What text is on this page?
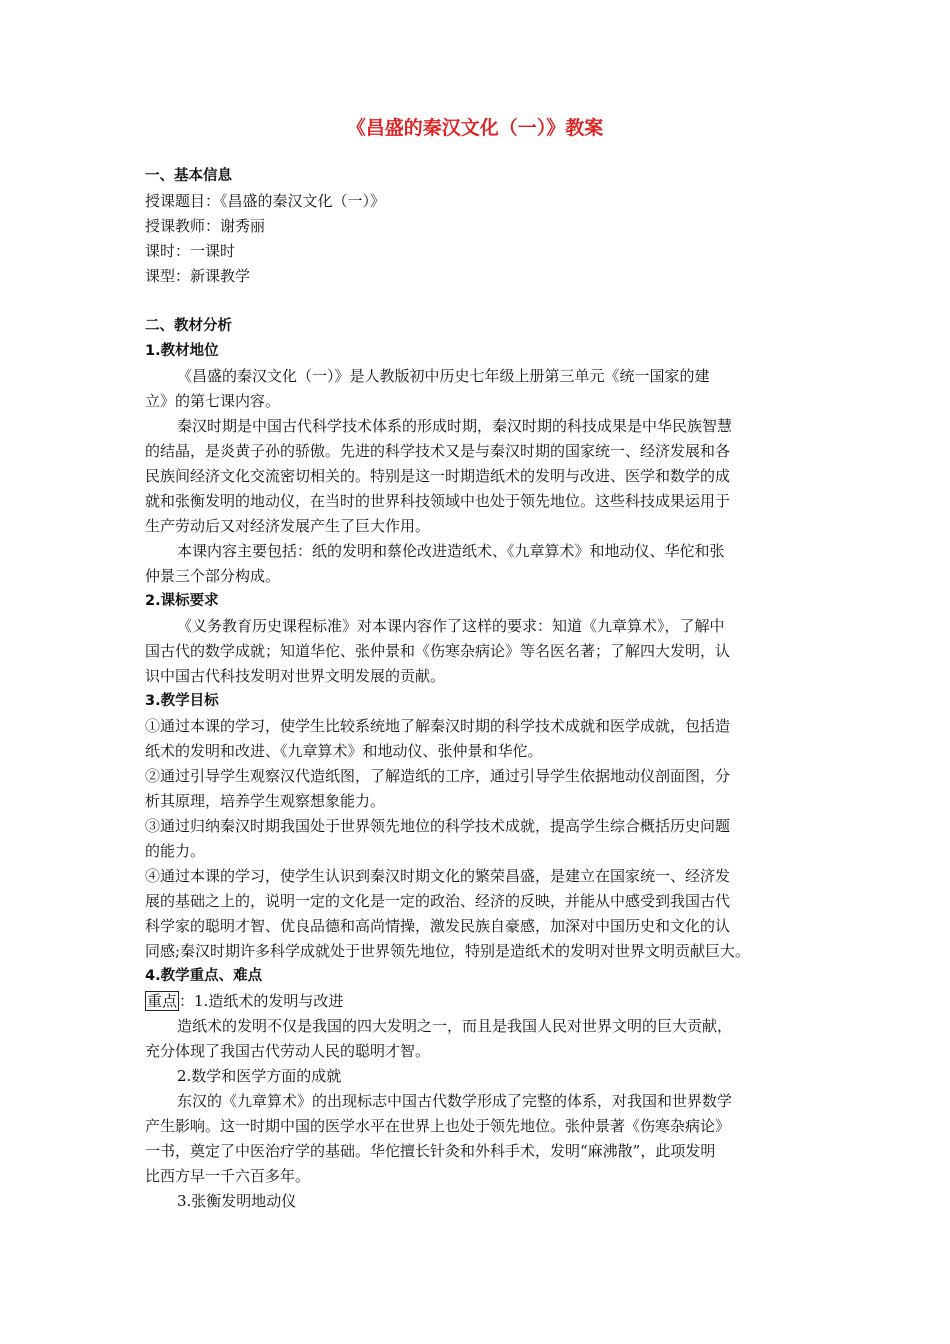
《昌盛的秦汉文化（一）》教案

一、基本信息

授课题目：《昌盛的秦汉文化（一）》

授课教师：谢秀丽

课时：一课时

课型：新课教学

二、教材分析

1.教材地位

《昌盛的秦汉文化（一）》是人教版初中历史七年级上册第三单元《统一国家的建

立》的第七课内容。

秦汉时期是中国古代科学技术体系的形成时期，秦汉时期的科技成果是中华民族智慧

的结晶，是炎黄子孙的骄傲。先进的科学技术又是与秦汉时期的国家统一、经济发展和各

民族间经济文化交流密切相关的。特别是这一时期造纸术的发明与改进、医学和数学的成

就和张衡发明的地动仪，在当时的世界科技领域中也处于领先地位。这些科技成果运用于

生产劳动后又对经济发展产生了巨大作用。

本课内容主要包括：纸的发明和蔡伦改进造纸术、《九章算术》和地动仪、华佗和张

仲景三个部分构成。

2.课标要求

《义务教育历史课程标准》对本课内容作了这样的要求：知道《九章算术》，了解中

国古代的数学成就；知道华佗、张仲景和《伤寒杂病论》等名医名著；了解四大发明，认

识中国古代科技发明对世界文明发展的贡献。

3.教学目标

①通过本课的学习，使学生比较系统地了解秦汉时期的科学技术成就和医学成就，包括造

纸术的发明和改进、《九章算术》和地动仪、张仲景和华佗。

②通过引导学生观察汉代造纸图，了解造纸的工序，通过引导学生依据地动仪剖面图，分

析其原理，培养学生观察想象能力。

③通过归纳秦汉时期我国处于世界领先地位的科学技术成就，提高学生综合概括历史问题

的能力。

④通过本课的学习，使学生认识到秦汉时期文化的繁荣昌盛，是建立在国家统一、经济发

展的基础之上的，说明一定的文化是一定的政治、经济的反映，并能从中感受到我国古代

科学家的聪明才智、优良品德和高尚情操，激发民族自豪感，加深对中国历史和文化的认

同感;秦汉时期许多科学成就处于世界领先地位，特别是造纸术的发明对世界文明贡献巨大。

4.教学重点、难点

重点 ：1.造纸术的发明与改进

造纸术的发明不仅是我国的四大发明之一，而且是我国人民对世界文明的巨大贡献，

充分体现了我国古代劳动人民的聪明才智。

2.数学和医学方面的成就

东汉的《九章算术》的出现标志中国古代数学形成了完整的体系，对我国和世界数学

产生影响。这一时期中国的医学水平在世界上也处于领先地位。张仲景著《伤寒杂病论》

一书，奠定了中医治疗学的基础。华佗擅长针灸和外科手术，发明“麻沸散”，此项发明

比西方早一千六百多年。

3.张衡发明地动仪
